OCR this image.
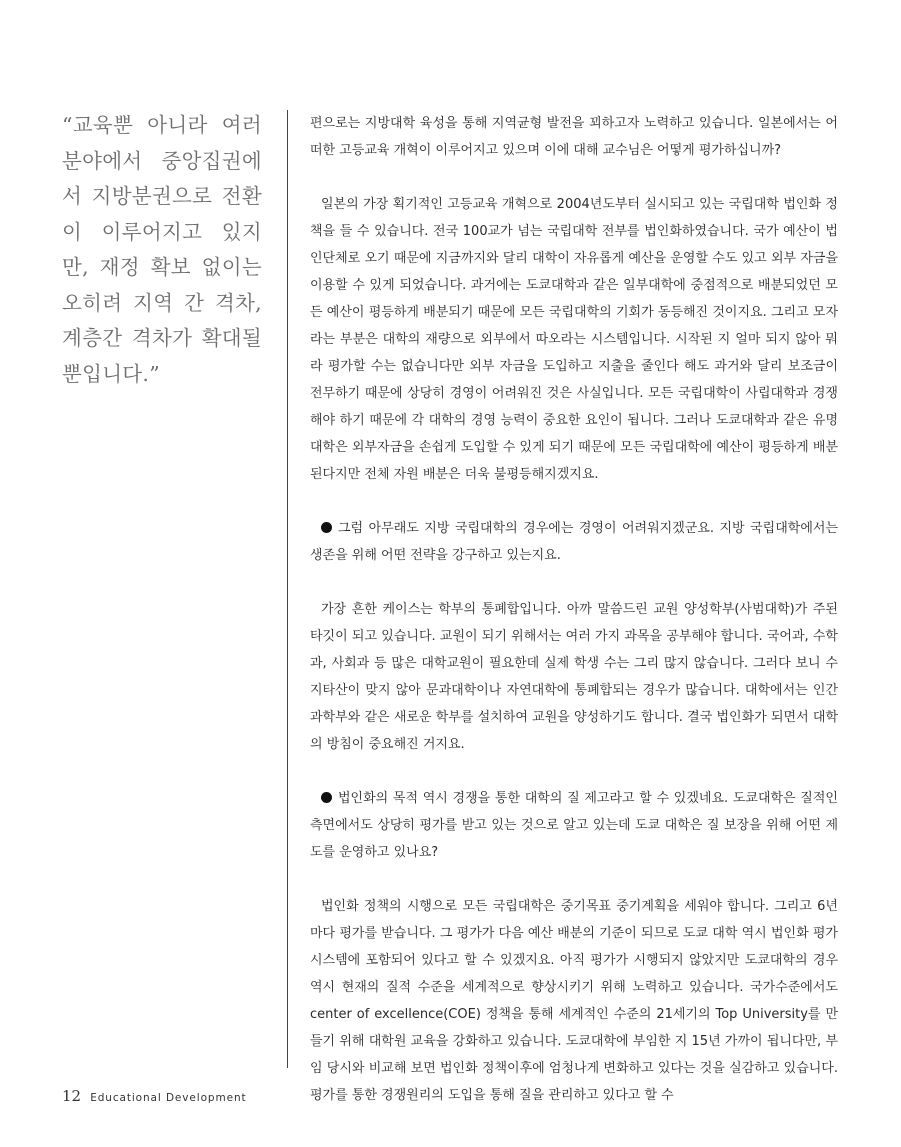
“교육뿐 아니라 여러 분야에서 중앙집권에서 지방분권으로 전환이 이루어지고 있지만, 재정 확보 없이는 오히려 지역 간 격차, 계층간 격차가 확대될 뿐입니다.”

편으로는 지방대학 육성을 통해 지역균형 발전을 꾀하고자 노력하고 있습니다. 일본에서는 어떠한 고등교육 개혁이 이루어지고 있으며 이에 대해 교수님은 어떻게 평가하십니까?

일본의 가장 획기적인 고등교육 개혁으로 2004년도부터 실시되고 있는 국립대학 법인화 정책을 들 수 있습니다. 전국 100교가 넘는 국립대학 전부를 법인화하였습니다. 국가 예산이 법인단체로 오기 때문에 지금까지와 달리 대학이 자유롭게 예산을 운영할 수도 있고 외부 자금을 이용할 수 있게 되었습니다. 과거에는 도쿄대학과 같은 일부대학에 중점적으로 배분되었던 모든 예산이 평등하게 배분되기 때문에 모든 국립대학의 기회가 동등해진 것이지요. 그리고 모자라는 부분은 대학의 재량으로 외부에서 따오라는 시스템입니다. 시작된 지 얼마 되지 않아 뭐라 평가할 수는 없습니다만 외부 자금을 도입하고 지출을 줄인다 해도 과거와 달리 보조금이 전무하기 때문에 상당히 경영이 어려워진 것은 사실입니다. 모든 국립대학이 사립대학과 경쟁해야 하기 때문에 각 대학의 경영 능력이 중요한 요인이 됩니다. 그러나 도쿄대학과 같은 유명대학은 외부자금을 손쉽게 도입할 수 있게 되기 때문에 모든 국립대학에 예산이 평등하게 배분된다지만 전체 자원 배분은 더욱 불평등해지겠지요.

그럼 아무래도 지방 국립대학의 경우에는 경영이 어려워지겠군요. 지방 국립대학에서는 생존을 위해 어떤 전략을 강구하고 있는지요.

가장 흔한 케이스는 학부의 통폐합입니다. 아까 말씀드린 교원 양성학부(사범대학)가 주된 타깃이 되고 있습니다. 교원이 되기 위해서는 여러 가지 과목을 공부해야 합니다. 국어과, 수학과, 사회과 등 많은 대학교원이 필요한데 실제 학생 수는 그리 많지 않습니다. 그러다 보니 수지타산이 맞지 않아 문과대학이나 자연대학에 통폐합되는 경우가 많습니다. 대학에서는 인간과학부와 같은 새로운 학부를 설치하여 교원을 양성하기도 합니다. 결국 법인화가 되면서 대학의 방침이 중요해진 거지요.

법인화의 목적 역시 경쟁을 통한 대학의 질 제고라고 할 수 있겠네요. 도쿄대학은 질적인 측면에서도 상당히 평가를 받고 있는 것으로 알고 있는데 도쿄 대학은 질 보장을 위해 어떤 제도를 운영하고 있나요?

법인화 정책의 시행으로 모든 국립대학은 중기목표 중기계획을 세워야 합니다. 그리고 6년마다 평가를 받습니다. 그 평가가 다음 예산 배분의 기준이 되므로 도쿄 대학 역시 법인화 평가 시스템에 포함되어 있다고 할 수 있겠지요. 아직 평가가 시행되지 않았지만 도쿄대학의 경우 역시 현재의 질적 수준을 세계적으로 향상시키기 위해 노력하고 있습니다. 국가수준에서도 center of excellence(COE) 정책을 통해 세계적인 수준의 21세기의 Top University를 만들기 위해 대학원 교육을 강화하고 있습니다. 도쿄대학에 부임한 지 15년 가까이 됩니다만, 부임 당시와 비교해 보면 법인화 정책이후에 엄청나게 변화하고 있다는 것을 실감하고 있습니다. 평가를 통한 경쟁원리의 도입을 통해 질을 관리하고 있다고 할 수

12 Educational Development
